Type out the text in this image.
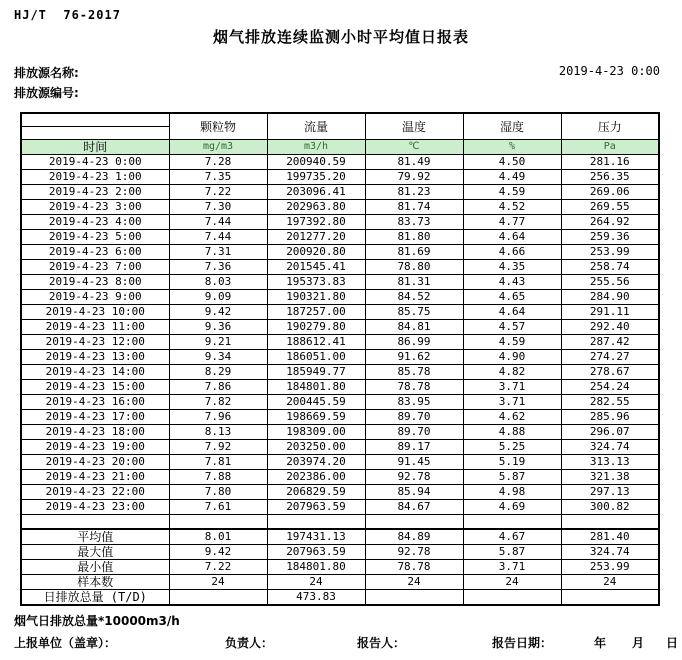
HJ/T  76-2017
烟气排放连续监测小时平均值日报表
排放源名称:
排放源编号:
2019-4-23 0:00
	颗粒物	流量	温度	湿度	压力

时间	mg/m3	m3/h	℃	%	Pa
2019-4-23 0:00	7.28	200940.59	81.49	4.50	281.16
2019-4-23 1:00	7.35	199735.20	79.92	4.49	256.35
2019-4-23 2:00	7.22	203096.41	81.23	4.59	269.06
2019-4-23 3:00	7.30	202963.80	81.74	4.52	269.55
2019-4-23 4:00	7.44	197392.80	83.73	4.77	264.92
2019-4-23 5:00	7.44	201277.20	81.80	4.64	259.36
2019-4-23 6:00	7.31	200920.80	81.69	4.66	253.99
2019-4-23 7:00	7.36	201545.41	78.80	4.35	258.74
2019-4-23 8:00	8.03	195373.83	81.31	4.43	255.56
2019-4-23 9:00	9.09	190321.80	84.52	4.65	284.90
2019-4-23 10:00	9.42	187257.00	85.75	4.64	291.11
2019-4-23 11:00	9.36	190279.80	84.81	4.57	292.40
2019-4-23 12:00	9.21	188612.41	86.99	4.59	287.42
2019-4-23 13:00	9.34	186051.00	91.62	4.90	274.27
2019-4-23 14:00	8.29	185949.77	85.78	4.82	278.67
2019-4-23 15:00	7.86	184801.80	78.78	3.71	254.24
2019-4-23 16:00	7.82	200445.59	83.95	3.71	282.55
2019-4-23 17:00	7.96	198669.59	89.70	4.62	285.96
2019-4-23 18:00	8.13	198309.00	89.70	4.88	296.07
2019-4-23 19:00	7.92	203250.00	89.17	5.25	324.74
2019-4-23 20:00	7.81	203974.20	91.45	5.19	313.13
2019-4-23 21:00	7.88	202386.00	92.78	5.87	321.38
2019-4-23 22:00	7.80	206829.59	85.94	4.98	297.13
2019-4-23 23:00	7.61	207963.59	84.67	4.69	300.82

平均值	8.01	197431.13	84.89	4.67	281.40
最大值	9.42	207963.59	92.78	5.87	324.74
最小值	7.22	184801.80	78.78	3.71	253.99
样本数	24	24	24	24	24
日排放总量 (T/D)		473.83			
烟气日排放总量*10000m3/h
上报单位（盖章）：	负责人：	报告人：	报告日期：	年 月 日
